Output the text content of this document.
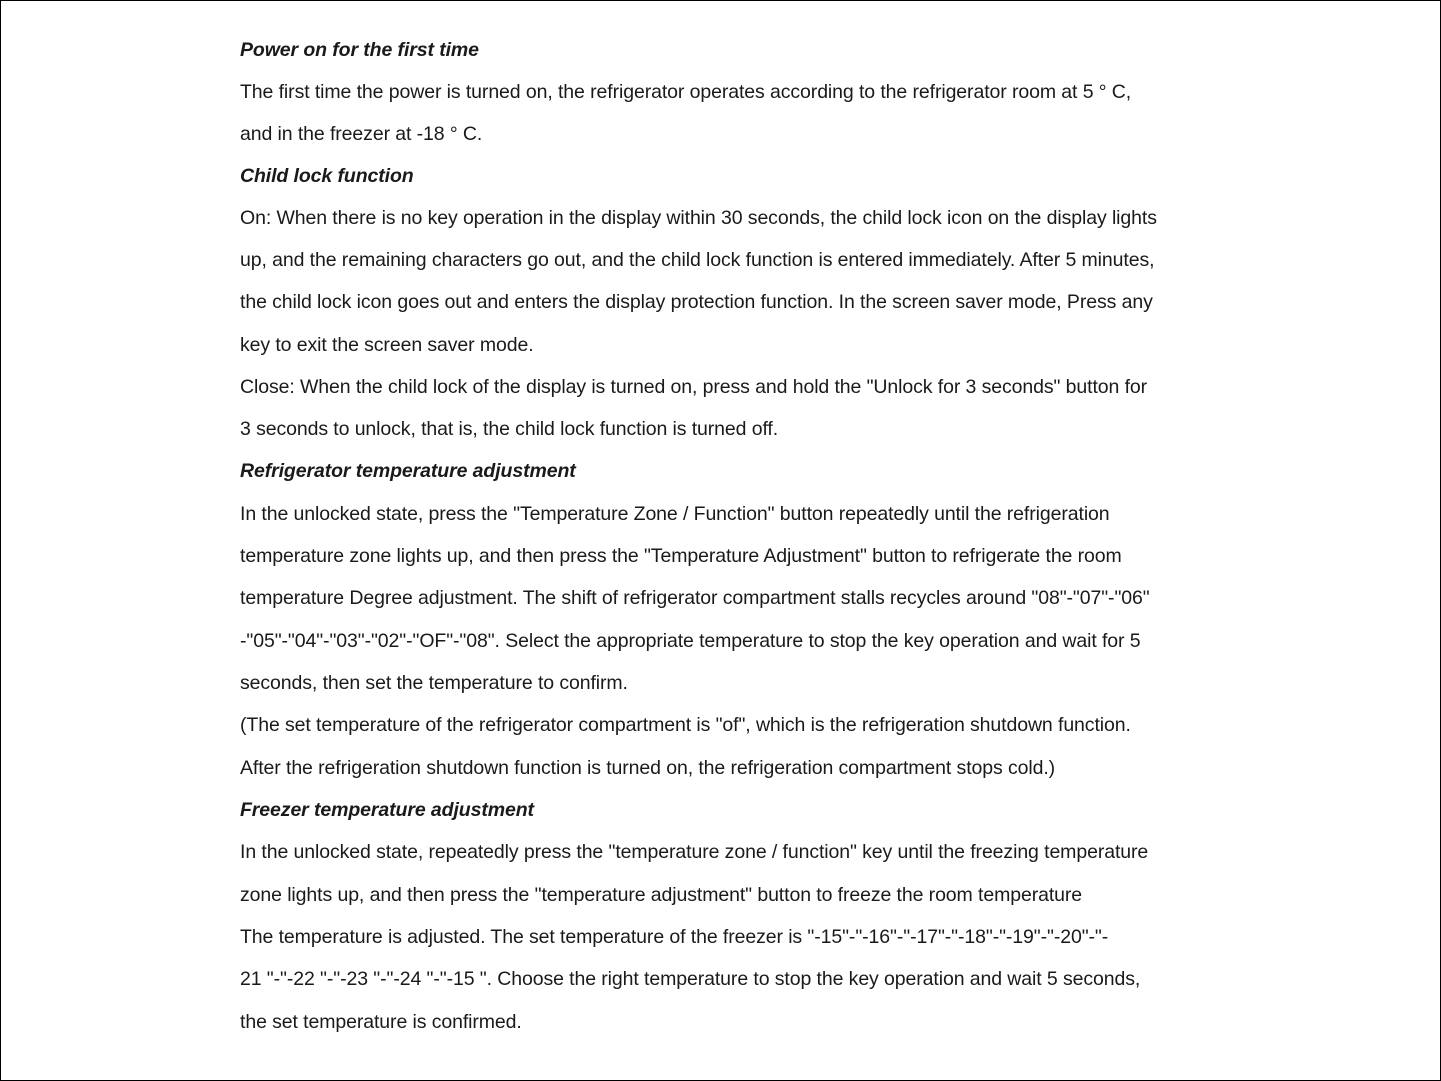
Power on for the first time
The first time the power is turned on, the refrigerator operates according to the refrigerator room at 5 ° C,
and in the freezer at -18 ° C.
Child lock function
On: When there is no key operation in the display within 30 seconds, the child lock icon on the display lights
up, and the remaining characters go out, and the child lock function is entered immediately. After 5 minutes,
the child lock icon goes out and enters the display protection function. In the screen saver mode, Press any
key to exit the screen saver mode.
Close: When the child lock of the display is turned on, press and hold the "Unlock for 3 seconds" button for
3 seconds to unlock, that is, the child lock function is turned off.
Refrigerator temperature adjustment
In the unlocked state, press the "Temperature Zone / Function" button repeatedly until the refrigeration
temperature zone lights up, and then press the "Temperature Adjustment" button to refrigerate the room
temperature Degree adjustment. The shift of refrigerator compartment stalls recycles around "08"-"07"-"06"
-"05"-"04"-"03"-"02"-"OF"-"08". Select the appropriate temperature to stop the key operation and wait for 5
seconds, then set the temperature to confirm.
(The set temperature of the refrigerator compartment is "of", which is the refrigeration shutdown function.
After the refrigeration shutdown function is turned on, the refrigeration compartment stops cold.)
Freezer temperature adjustment
In the unlocked state, repeatedly press the "temperature zone / function" key until the freezing temperature
zone lights up, and then press the "temperature adjustment" button to freeze the room temperature
The temperature is adjusted. The set temperature of the freezer is "-15"-"-16"-"-17"-"-18"-"-19"-"-20"-"-
21 "-"-22 "-"-23 "-"-24 "-"-15 ". Choose the right temperature to stop the key operation and wait 5 seconds,
the set temperature is confirmed.
